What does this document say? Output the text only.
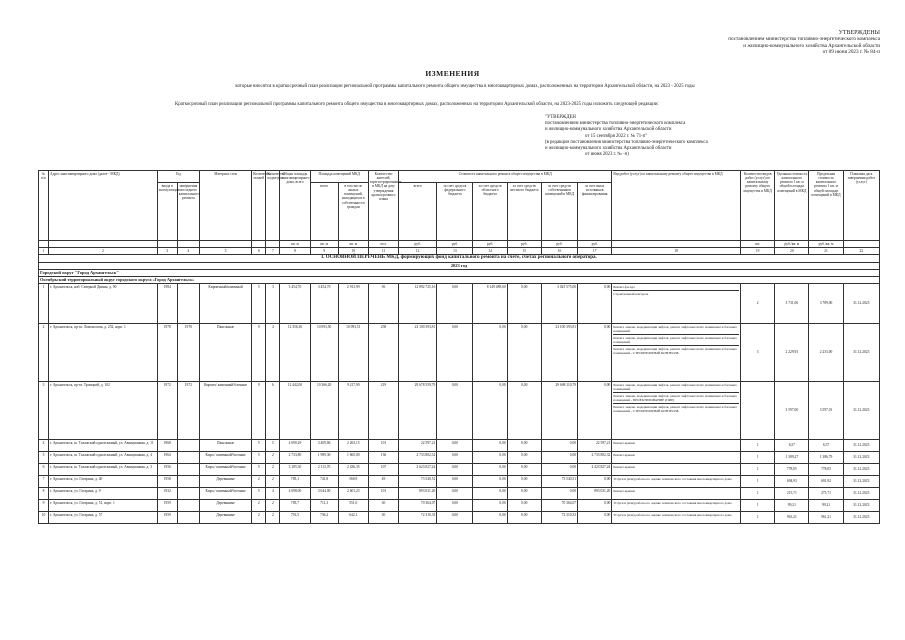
УТВЕРЖДЕНЫ
постановлением министерства топливно-энергетического комплекса
и жилищно-коммунального хозяйства Архангельской области
от 09 июня 2023 г. № 84-п
ИЗМЕНЕНИЯ
которые вносятся в краткосрочный план реализации региональной программы капитального ремонта общего имущества в многоквартирных домах, расположенных на территории Архангельской области, на 2023 - 2025 годы
Краткосрочный план реализации региональной программы капитального ремонта общего имущества в многоквартирных домах, расположенных на территории Архангельской области, на 2023-2025 годы изложить следующей редакции:
"УТВЕРЖДЕН
постановлением министерства топливно-энергетического комплекса
и жилищно-коммунального хозяйства Архангельской области
от 15 сентября 2022 г. № 71-п"
(в редакции постановления министерства топливно-энергетического комплекса
и жилищно-коммунального хозяйства Архангельской области
от июня 2023 г. № -п)
№ п/п	Адрес многоквартирного дома (далее - МКД)	Год		Материал стен	Количество этажей	Количество подъездов	Общая площадь многоквартирного дома, всего	Площадь помещений МКД		Количество жителей, зарегистрированных в МКД на дату утверждения краткосрочного плана	Стоимость капитального ремонта общего имущества в МКД						Вид работ (услуг) по капитальному ремонту общего имущества в МКД	Количество видов работ (услуг) по капитальному ремонту общего имущества в МКД	Удельная стоимость капитального ремонта 1 кв. м общей площади помещений в МКД	Предельная стоимость капитального ремонта 1 кв. м общей площади помещений в МКД	Плановая дата завершения работ (услуг)
		ввода в эксплуатацию	завершения последнего капитального ремонта					всего	в том числе жилых помещений, находящихся в собственности граждан		всего	за счет средств федерального бюджета	за счет средств областного бюджета	за счет средств местного бюджета	за счет средств собственников помещений в МКД	за счет иных источников финансирования					
							кв. м	кв. м	кв. м	чел.	руб.	руб.	руб.	руб.	руб.	руб.		шт.	руб./кв. м	руб./кв. м	
1	2	3	4	5	6	7	8	9	10	11	12	13	14	15	16	17	18	19	20	21	22
I. ОСНОВНОЙ ПЕРЕЧЕНЬ МКД, формирующих фонд капитального ремонта на счете, счетах регионального оператора.																					
2023 год																					
Городской округ "Город Архангельск"																					
Октябрьский территориальный округ городского округа «Город Архангельск»																					
1	г. Архангельск, наб. Северной Двины, д. 90	1984		Кирпичный/каменный	5	3	3 454,70	3 454,70	2 913,99	56	12 892 725,16	0,00	8 149 489,60	0,00	3 025 575,00	0,00	Ремонт фасада
Строительный контроль	2	3 731,06	3 789,00	31.12.2023
2	г. Архангельск, пр-кт. Ломоносова, д. 252, корп. 1	1978	1978	Панельные	9	4	12 356,30	10 093,50	10 093,51	258	23 100 393,81	0,00	0,00	0,00	23 100 393,81	0,00	Ремонт, замена, модернизация лифтов, ремонт лифтовых шахт, машинных и блочных помещений
Ремонт, замена, модернизация лифтов, ремонт лифтовых шахт, машинных и блочных помещений
Ремонт, замена, модернизация лифтов, ремонт лифтовых шахт, машинных и блочных помещений - СТРОИТЕЛЬНЫЙ КОНТРОЛЬ	3	2 229,93	2 233,00	31.12.2023
3	г. Архангельск, пр-кт. Троицкий, д. 102	1972	1972	Кирпич/ каменный/блочные	9	6	12 442,00	10 366,20	9 217,90	219	29 678 559,79	0,00	0,00	0,00	29 608 110,79	0,00	Ремонт, замена, модернизация лифтов, ремонт лифтовых шахт, машинных и блочных помещений
Ремонт, замена, модернизация лифтов, ремонт лифтовых шахт, машинных и блочных помещений - ПРОЕКТИРОВАНИЕ (ПИР)
Ремонт, замена, модернизация лифтов, ремонт лифтовых шахт, машинных и блочных помещений - СТРОИТЕЛЬНЫЙ КОНТРОЛЬ		3 597,00	3 597,01	31.12.2023
4	г. Архангельск, ш. Талажский одноэтажный, ул. Авиационная, д. 11	1968		Панельные	5	5	4 090,29	3 409,86	2 263,15	101	22 597,21	0,00	0,00	0,00	0,00	22 597,21	Ремонт крыши	1	6,57	6,57	31.12.2023
5	г. Архангельск, ш. Талажский одноэтажный, ул. Авиационная, д. 4	1964		Кирп./ каменный/блочные	5	2	2 733,80	1 989,30	1 665,00	136	2 733 802,32	0,00	0,00	0,00	0,00	2 733 802,32	Ремонт крыши	1	1 389,27	1 386,79	31.12.2023
6	г. Архангельск, ш. Талажский одноэтажный, ул. Авиационная, д. 3	1956		Кирп./ каменный/блочные	5	2	3 185,30	2 113,70	2 436,35	107	2 623 827,24	0,00	0,00	0,00	0,00	2 423 827,24	Ремонт крыши	1	778,05	778,05	31.12.2023
7	г. Архангельск, ул. Гагарина, д. 40	1958		Деревянные	2	2	783,1	741,8	568,9	49	73 540,51	0,00	0,00	0,00	73 540,51	0,00	Услуги и (или) работы по оценке технического состояния многоквартирного дома	1	694,93	691,92	31.12.2023
8	г. Архангельск, ул. Гагарина, д. 9	1932		Кирп./ каменный/блочные	5	4	4 098,00	3 644,00	2 601,23	101	893 031,20	0,00	0,00	0,00	0,00	893 031,20	Ремонт крыши	1	215,71	275,71	31.12.2023
9	г. Архангельск, ул. Гагарина, д. 51, корп. 1	1959		Деревянные	2	2	783,7	711,3	551,0	30	70 364,07	0,00	0,00	0,00	70 364,07	0,00	Услуги и (или) работы по оценке технического состояния многоквартирного дома	1	99,21	99,21	31.12.2023
10	г. Архангельск, ул. Гагарина, д. 57	1959		Деревянные	2	2	791,5	736,2	642,1	30	72 310,33	0,00	0,00	0,00	72 310,33	0,00	Услуги и (или) работы по оценке технического состояния многоквартирного дома	1	961,21	961,21	31.12.2023
